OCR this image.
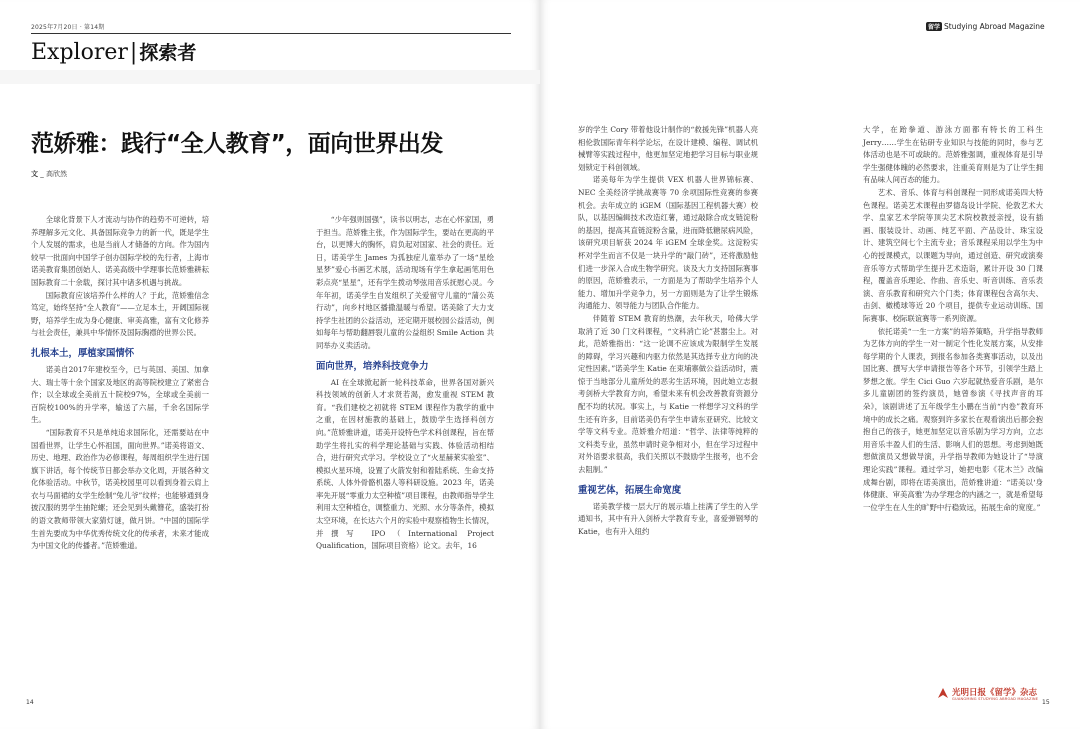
2025年7月20日 · 第14期
Explorer| 探索者
范娇雅：践行“全人教育”，面向世界出发
文 _ 高欣然

全球化背景下人才流动与协作的趋势不可逆转，培养理解多元文化、具备国际竞争力的新一代，既是学生个人发展的需求，也是当前人才储备的方向。作为国内较早一批面向中国学子创办国际学校的先行者，上海市诺美教育集团创始人、诺美高级中学理事长范娇雅耕耘国际教育二十余载，探讨其中诸多机遇与挑战。

国际教育应该培养什么样的人？于此，范娇雅信念笃定，始终坚持“全人教育”——立足本土，开阔国际视野，培养学生成为身心健康、审美高雅，富有文化修养与社会责任，兼具中华情怀及国际胸襟的世界公民。

扎根本土，厚植家国情怀

诺美自2017年建校至今，已与英国、美国、加拿大、瑞士等十余个国家及地区的高等院校建立了紧密合作；以全球或全美前五十院校97%，全球或全美前一百院校100%的升学率，输送了六届，千余名国际学生。

“国际教育不只是单纯追求国际化，还需要站在中国看世界，让学生心怀祖国，面向世界。”诺美将语文、历史、地理、政治作为必修课程，每周组织学生进行国旗下讲话，每个传统节日都会举办文化周，开展各种文化体验活动。中秋节，诺美校园里可以看到身着云肩上衣与马面裙的女学生绘制“兔儿爷”纹样；也能够通到身披汉服的男学生抽陀螺；还会见到头戴簪花，盛装打扮的语文教师带领大家猜灯谜，做月饼。“中国的国际学生首先要成为中华优秀传统文化的传承者，未来才能成为中国文化的传播者。”范娇雅道。

“少年强则国强”，读书以明志，志在心怀家国，勇于担当。范娇雅主张，作为国际学生，要站在更高的平台，以更博大的胸怀，肩负起对国家、社会的责任。近日，诺美学生 James 为孤独症儿童举办了一场“星绘星梦”爱心书画艺术展，活动现场有学生拿起画笔用色彩点亮“星星”，还有学生拨动琴弦用音乐抚慰心灵。今年年初，诺美学生自发组织了关爱留守儿童的“蒲公英行动”，向乡村地区播撒温暖与希望。诺美除了大力支持学生社团的公益活动，还定期开展校园公益活动，例如每年与帮助翻唇裂儿童的公益组织 Smile Action 共同举办义卖活动。

面向世界，培养科技竞争力

AI 在全球掀起新一轮科技革命，世界各国对新兴科技领域的创新人才求贤若渴，愈发重视 STEM 教育。“我们建校之初就将 STEM 课程作为教学的重中之重，在因材施教的基础上，鼓励学生选择科创方向。”范娇雅讲道，诺美开设特色学术科创课程，旨在帮助学生将扎实的科学理论基础与实践、体验活动相结合，进行研究式学习。学校设立了“火星赫莱实验室”、模拟火星环境，设置了火箭发射和着陆系统、生命支持系统、人体外骨骼机器人等科研设施。2023 年，诺美率先开展“零重力太空种植”项目课程，由教师指导学生利用太空种植仓，调整重力、光照、水分等条件，模拟太空环境，在长达六个月的实验中观察植物生长情况，并撰写 IPO（International Project Qualification，国际项目资格）论文。去年，16

14
留学 Studying Abroad Magazine

岁的学生 Cory 带着他设计制作的“救援先锋”机器人亮相伦敦国际青年科学论坛，在设计建模、编程、调试机械臂等实践过程中，他更加坚定地把学习目标与职业规划锁定于科创领域。

诺美每年为学生提供 VEX 机器人世界锦标赛、NEC 全美经济学挑战赛等 70 余项国际性竞赛的参赛机会。去年成立的 iGEM（国际基因工程机器大赛）校队，以基因编辑技术改造红薯，通过敲除合成支链淀粉的基因，提高其直链淀粉含量，进而降低糖尿病风险，该研究项目斩获 2024 年 iGEM 全球金奖。这淀粉实杯对学生而言不仅是一块升学的“敲门砖”，还将激励他们进一步深入合成生物学研究。谈及大力支持国际赛事的原因，范娇雅表示，一方面是为了帮助学生培养个人能力、增加升学竞争力，另一方面则是为了让学生锻炼沟通能力、领导能力与团队合作能力。

伴随着 STEM 教育的热潮，去年秋天，哈佛大学取消了近 30 门文科课程，“文科消亡论”甚嚣尘上。对此，范娇雅指出：“这一论调不应该成为限制学生发展的障碍，学习兴趣和内驱力依然是其选择专业方向的决定性因素。”诺美学生 Katie 在束埔寨做公益活动时，震惊于当地部分儿童所处的恶劣生活环境，因此她立志报考剑桥大学教育方向，希望未来有机会改善教育资源分配不均的状况。事实上，与 Katie 一样想学习文科的学生还有许多，目前诺美仍有学生申请东亚研究、比较文学等文科专业。范娇雅介绍道：“哲学、法律等纯粹的文科类专业，虽然申请时竞争相对小，但在学习过程中对外语要求很高，我们关照以不鼓励学生报考，也不会去阻制。”

重视艺体，拓展生命宽度

诺美教学楼一层大厅的展示墙上挂满了学生的入学通知书，其中有升入剑桥大学教育专业，喜爱弹钢琴的 Katie，也有升入纽约

大学，在跆拳道、游泳方面都有特长的工科生 Jerry……学生在钻研专业知识与技能的同时，参与艺体活动也是不可或缺的。范娇雅强调，重视体育是引导学生强健体魄的必然要求，注重美育则是为了让学生拥有品味人间百态的能力。

艺术、音乐、体育与科创课程一同形成诺美四大特色课程。诺美艺术课程由罗德岛设计学院、伦敦艺术大学、皇家艺术学院等顶尖艺术院校教授亲授，设有插画、服装设计、动画、纯艺平面、产品设计、珠宝设计、建筑空间七个主流专业；音乐课程采用以学生为中心的授课模式，以课题为导向，通过创造、研究或演奏音乐等方式帮助学生提升艺术造诣，累计开设 30 门课程，覆盖音乐理论、作曲、音乐史、听音训练、音乐表演、音乐教育和研究六个门类；体育课程包含高尔夫、击剑、橄榄球等近 20 个项目，提供专业运动训练、国际赛事、校际联谊赛等一系列资源。

依托诺美“一生一方案”的培养策略，升学指导教师为艺体方向的学生一对一制定个性化发展方案，从安排每学期的个人课表，到报名参加各类赛事活动，以及出国比赛、撰写大学申请报告等各个环节，引领学生踏上梦想之旅。学生 Cici Guo 六岁起就热爱音乐剧，是尔多儿童剧团的签约演员，她曾参演《寻找声音的耳朵》，该剧讲述了五年级学生小鹏在当前“内卷”教育环境中的成长之痛。观察到许多家长在观看演出后都会抱抱自己的孩子，她更加坚定以音乐剧为学习方向，立志用音乐丰盈人们的生活、影响人们的思想。考虑到她既想做演员又想做导演，升学指导教师为她设计了“导演理论实践”课程。通过学习，她把电影《花木兰》改编成舞台剧，即将在诺美演出，范娇雅讲道：“诺美以‘身体健康、审美高雅’为办学理念的内涵之一，就是希望每一位学生在人生的旷野中行稳致远，拓展生命的宽度。”

光明日报《留学》杂志
GUANGMING STUDYING ABROAD MAGAZINE 15
